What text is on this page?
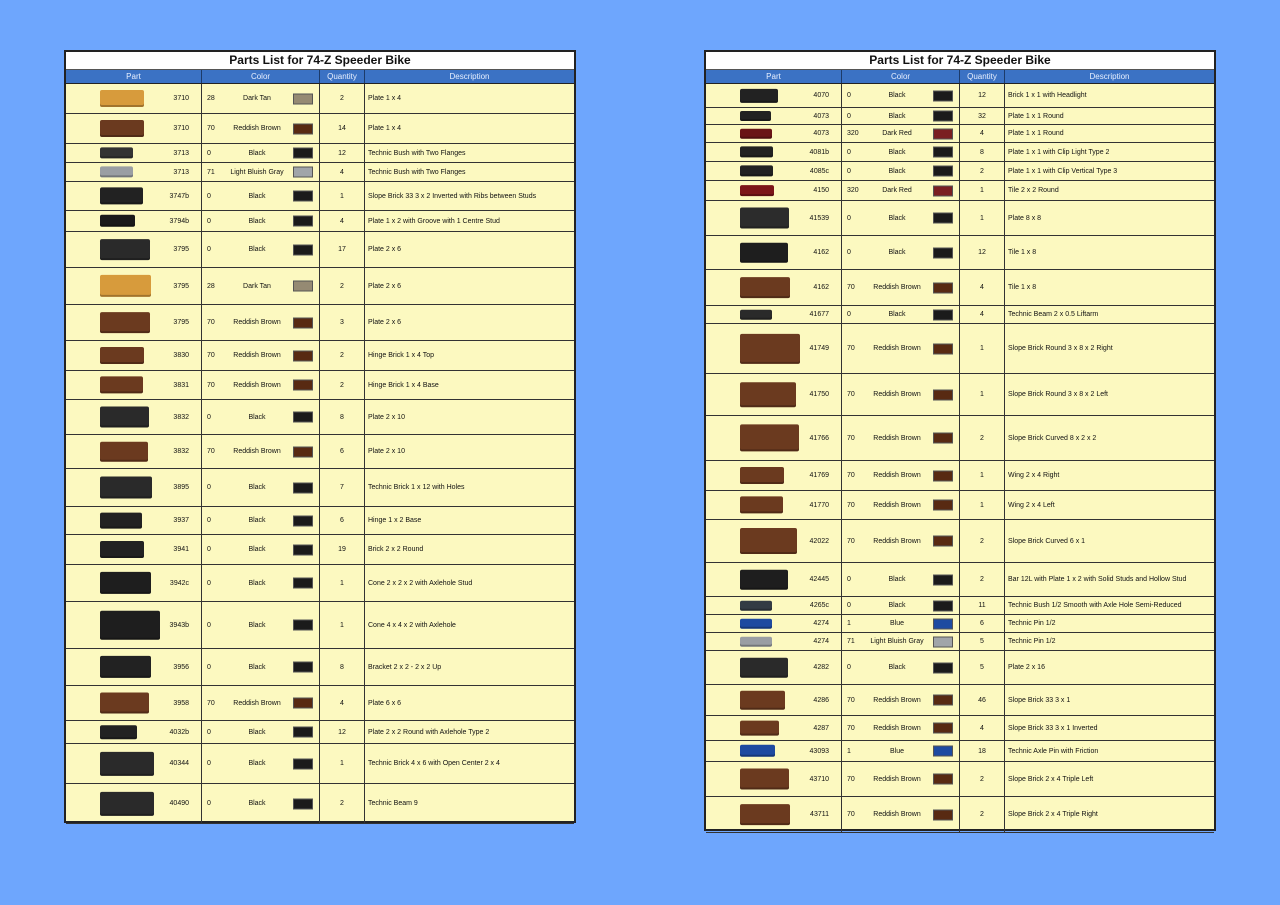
Parts List for 74-Z Speeder Bike
Part	Color	Quantity	Description
3710	28	Dark Tan	2	Plate 1 x 4
3710	70	Reddish Brown	14	Plate 1 x 4
3713	0	Black	12	Technic Bush with Two Flanges
3713	71	Light Bluish Gray	4	Technic Bush with Two Flanges
3747b	0	Black	1	Slope Brick 33 3 x 2 Inverted with Ribs between Studs
3794b	0	Black	4	Plate 1 x 2 with Groove with 1 Centre Stud
3795	0	Black	17	Plate 2 x 6
3795	28	Dark Tan	2	Plate 2 x 6
3795	70	Reddish Brown	3	Plate 2 x 6
3830	70	Reddish Brown	2	Hinge Brick 1 x 4 Top
3831	70	Reddish Brown	2	Hinge Brick 1 x 4 Base
3832	0	Black	8	Plate 2 x 10
3832	70	Reddish Brown	6	Plate 2 x 10
3895	0	Black	7	Technic Brick 1 x 12 with Holes
3937	0	Black	6	Hinge 1 x 2 Base
3941	0	Black	19	Brick 2 x 2 Round
3942c	0	Black	1	Cone 2 x 2 x 2 with Axlehole Stud
3943b	0	Black	1	Cone 4 x 4 x 2 with Axlehole
3956	0	Black	8	Bracket 2 x 2 - 2 x 2 Up
3958	70	Reddish Brown	4	Plate 6 x 6
4032b	0	Black	12	Plate 2 x 2 Round with Axlehole Type 2
40344	0	Black	1	Technic Brick 4 x 6 with Open Center 2 x 4
40490	0	Black	2	Technic Beam 9
Parts List for 74-Z Speeder Bike
Part	Color	Quantity	Description
4070	0	Black	12	Brick 1 x 1 with Headlight
4073	0	Black	32	Plate 1 x 1 Round
4073	320	Dark Red	4	Plate 1 x 1 Round
4081b	0	Black	8	Plate 1 x 1 with Clip Light Type 2
4085c	0	Black	2	Plate 1 x 1 with Clip Vertical Type 3
4150	320	Dark Red	1	Tile 2 x 2 Round
41539	0	Black	1	Plate 8 x 8
4162	0	Black	12	Tile 1 x 8
4162	70	Reddish Brown	4	Tile 1 x 8
41677	0	Black	4	Technic Beam 2 x 0.5 Liftarm
41749	70	Reddish Brown	1	Slope Brick Round 3 x 8 x 2 Right
41750	70	Reddish Brown	1	Slope Brick Round 3 x 8 x 2 Left
41766	70	Reddish Brown	2	Slope Brick Curved 8 x 2 x 2
41769	70	Reddish Brown	1	Wing 2 x 4 Right
41770	70	Reddish Brown	1	Wing 2 x 4 Left
42022	70	Reddish Brown	2	Slope Brick Curved 6 x 1
42445	0	Black	2	Bar 12L with Plate 1 x 2 with Solid Studs and Hollow Stud
4265c	0	Black	11	Technic Bush 1/2 Smooth with Axle Hole Semi-Reduced
4274	1	Blue	6	Technic Pin 1/2
4274	71	Light Bluish Gray	5	Technic Pin 1/2
4282	0	Black	5	Plate 2 x 16
4286	70	Reddish Brown	46	Slope Brick 33 3 x 1
4287	70	Reddish Brown	4	Slope Brick 33 3 x 1 Inverted
43093	1	Blue	18	Technic Axle Pin with Friction
43710	70	Reddish Brown	2	Slope Brick 2 x 4 Triple Left
43711	70	Reddish Brown	2	Slope Brick 2 x 4 Triple Right
